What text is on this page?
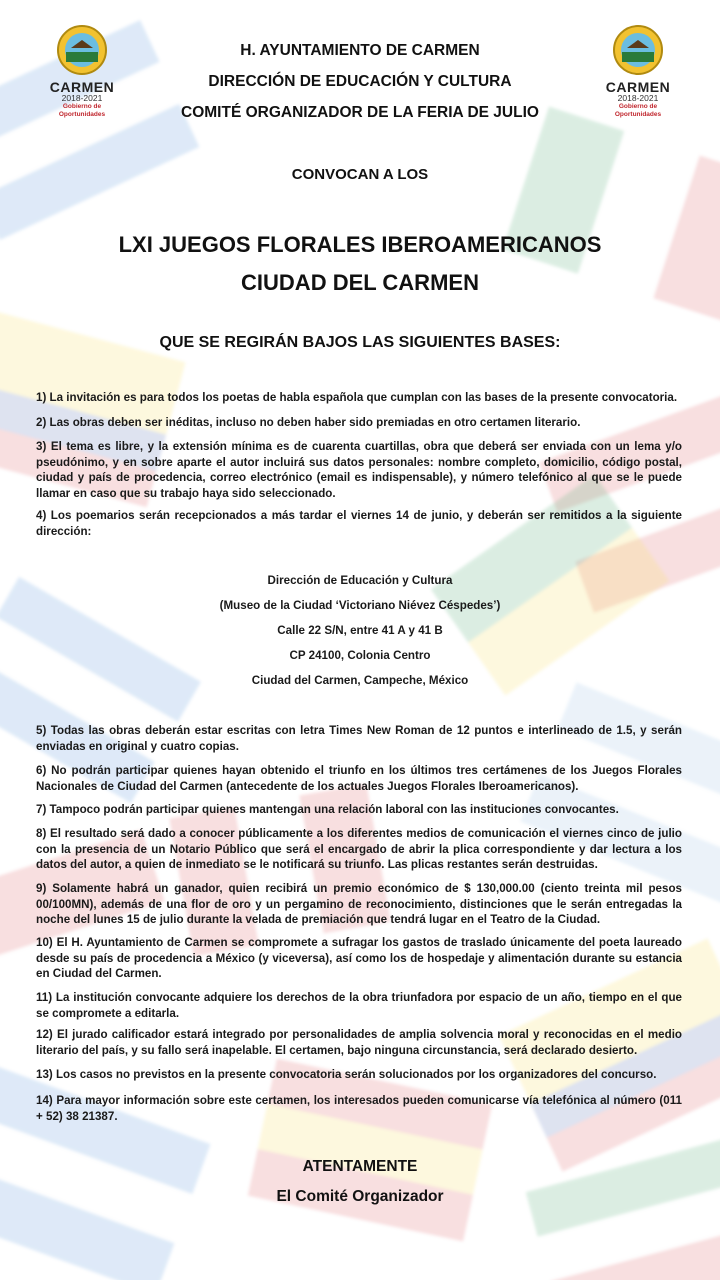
CARMEN
2018-2021
Gobierno de Oportunidades
CARMEN
2018-2021
Gobierno de Oportunidades
H. AYUNTAMIENTO DE CARMEN
DIRECCIÓN DE EDUCACIÓN Y CULTURA
COMITÉ ORGANIZADOR DE LA FERIA DE JULIO
CONVOCAN A LOS
LXI JUEGOS FLORALES IBEROAMERICANOS
CIUDAD DEL CARMEN
QUE SE REGIRÁN BAJOS LAS SIGUIENTES BASES:
1) La invitación es para todos los poetas de habla española que cumplan con las bases de la presente convocatoria.
2) Las obras deben ser inéditas, incluso no deben haber sido premiadas en otro certamen literario.
3) El tema es libre, y la extensión mínima es de cuarenta cuartillas, obra que deberá ser enviada con un lema y/o pseudónimo, y en sobre aparte el autor incluirá sus datos personales: nombre completo, domicilio, código postal, ciudad y país de procedencia, correo electrónico (email es indispensable), y número telefónico al que se le puede llamar en caso que su trabajo haya sido seleccionado.
4) Los poemarios serán recepcionados a más tardar el viernes 14 de junio, y deberán ser remitidos a la siguiente dirección:
Dirección de Educación y Cultura
(Museo de la Ciudad ‘Victoriano Niévez Céspedes’)
Calle 22 S/N, entre 41 A y 41 B
CP 24100, Colonia Centro
Ciudad del Carmen, Campeche, México
5) Todas las obras deberán estar escritas con letra Times New Roman de 12 puntos e interlineado de 1.5, y serán enviadas en original y cuatro copias.
6) No podrán participar quienes hayan obtenido el triunfo en los últimos tres certámenes de los Juegos Florales Nacionales de Ciudad del Carmen (antecedente de los actuales Juegos Florales Iberoamericanos).
7) Tampoco podrán participar quienes mantengan una relación laboral con las instituciones convocantes.
8) El resultado será dado a conocer públicamente a los diferentes medios de comunicación el viernes cinco de julio con la presencia de un Notario Público que será el encargado de abrir la plica correspondiente y dar lectura a los datos del autor, a quien de inmediato se le notificará su triunfo. Las plicas restantes serán destruidas.
9) Solamente habrá un ganador, quien recibirá un premio económico de $ 130,000.00 (ciento treinta mil pesos 00/100MN), además de una flor de oro y un pergamino de reconocimiento, distinciones que le serán entregadas la noche del lunes 15 de julio durante la velada de premiación que tendrá lugar en el Teatro de la Ciudad.
10) El H. Ayuntamiento de Carmen se compromete a sufragar los gastos de traslado únicamente del poeta laureado desde su país de procedencia a México (y viceversa), así como los de hospedaje y alimentación durante su estancia en Ciudad del Carmen.
11) La institución convocante adquiere los derechos de la obra triunfadora por espacio de un año, tiempo en el que se compromete a editarla.
12) El jurado calificador estará integrado por personalidades de amplia solvencia moral y reconocidas en el medio literario del país, y su fallo será inapelable. El certamen, bajo ninguna circunstancia, será declarado desierto.
13) Los casos no previstos en la presente convocatoria serán solucionados por los organizadores del concurso.
14) Para mayor información sobre este certamen, los interesados pueden comunicarse vía telefónica al número (011 + 52) 38 21387.
ATENTAMENTE
El Comité Organizador
